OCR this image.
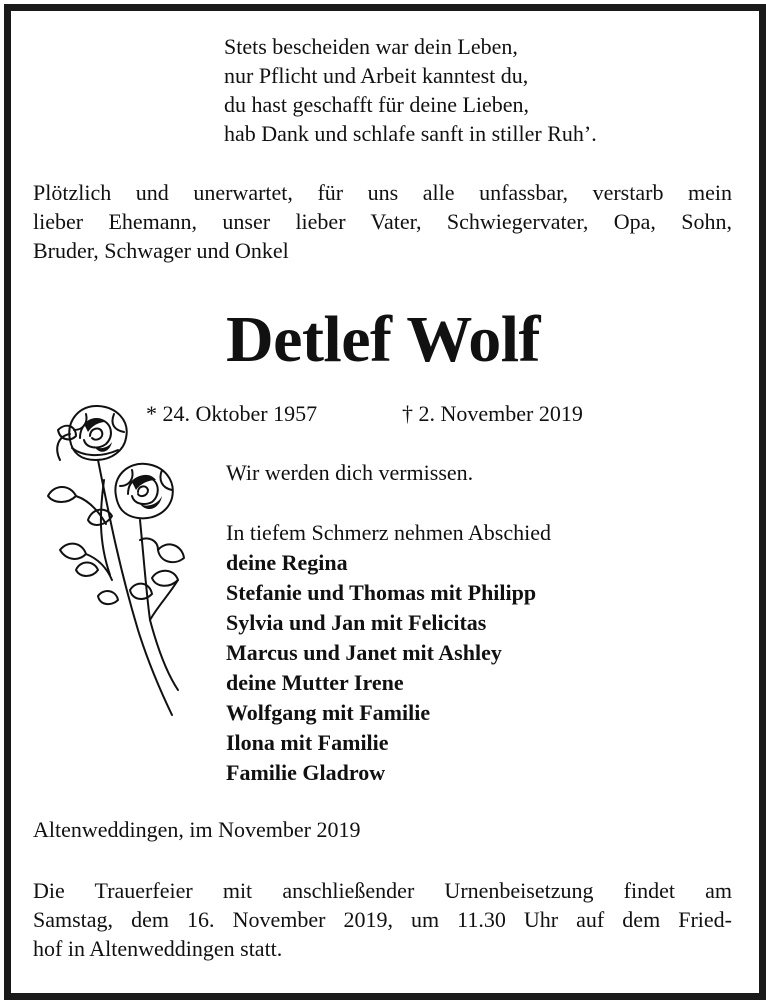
Stets bescheiden war dein Leben,
nur Pflicht und Arbeit kanntest du,
du hast geschafft für deine Lieben,
hab Dank und schlafe sanft in stiller Ruh’.
Plötzlich und unerwartet, für uns alle unfassbar, verstarb mein
lieber Ehemann, unser lieber Vater, Schwiegervater, Opa, Sohn,
Bruder, Schwager und Onkel
Detlef Wolf
* 24. Oktober 1957	† 2. November 2019
Wir werden dich vermissen.
In tiefem Schmerz nehmen Abschied
deine Regina
Stefanie und Thomas mit Philipp
Sylvia und Jan mit Felicitas
Marcus und Janet mit Ashley
deine Mutter Irene
Wolfgang mit Familie
Ilona mit Familie
Familie Gladrow
Altenweddingen, im November 2019
Die Trauerfeier mit anschließender Urnenbeisetzung findet am
Samstag, dem 16. November 2019, um 11.30 Uhr auf dem Fried-
hof in Altenweddingen statt.
